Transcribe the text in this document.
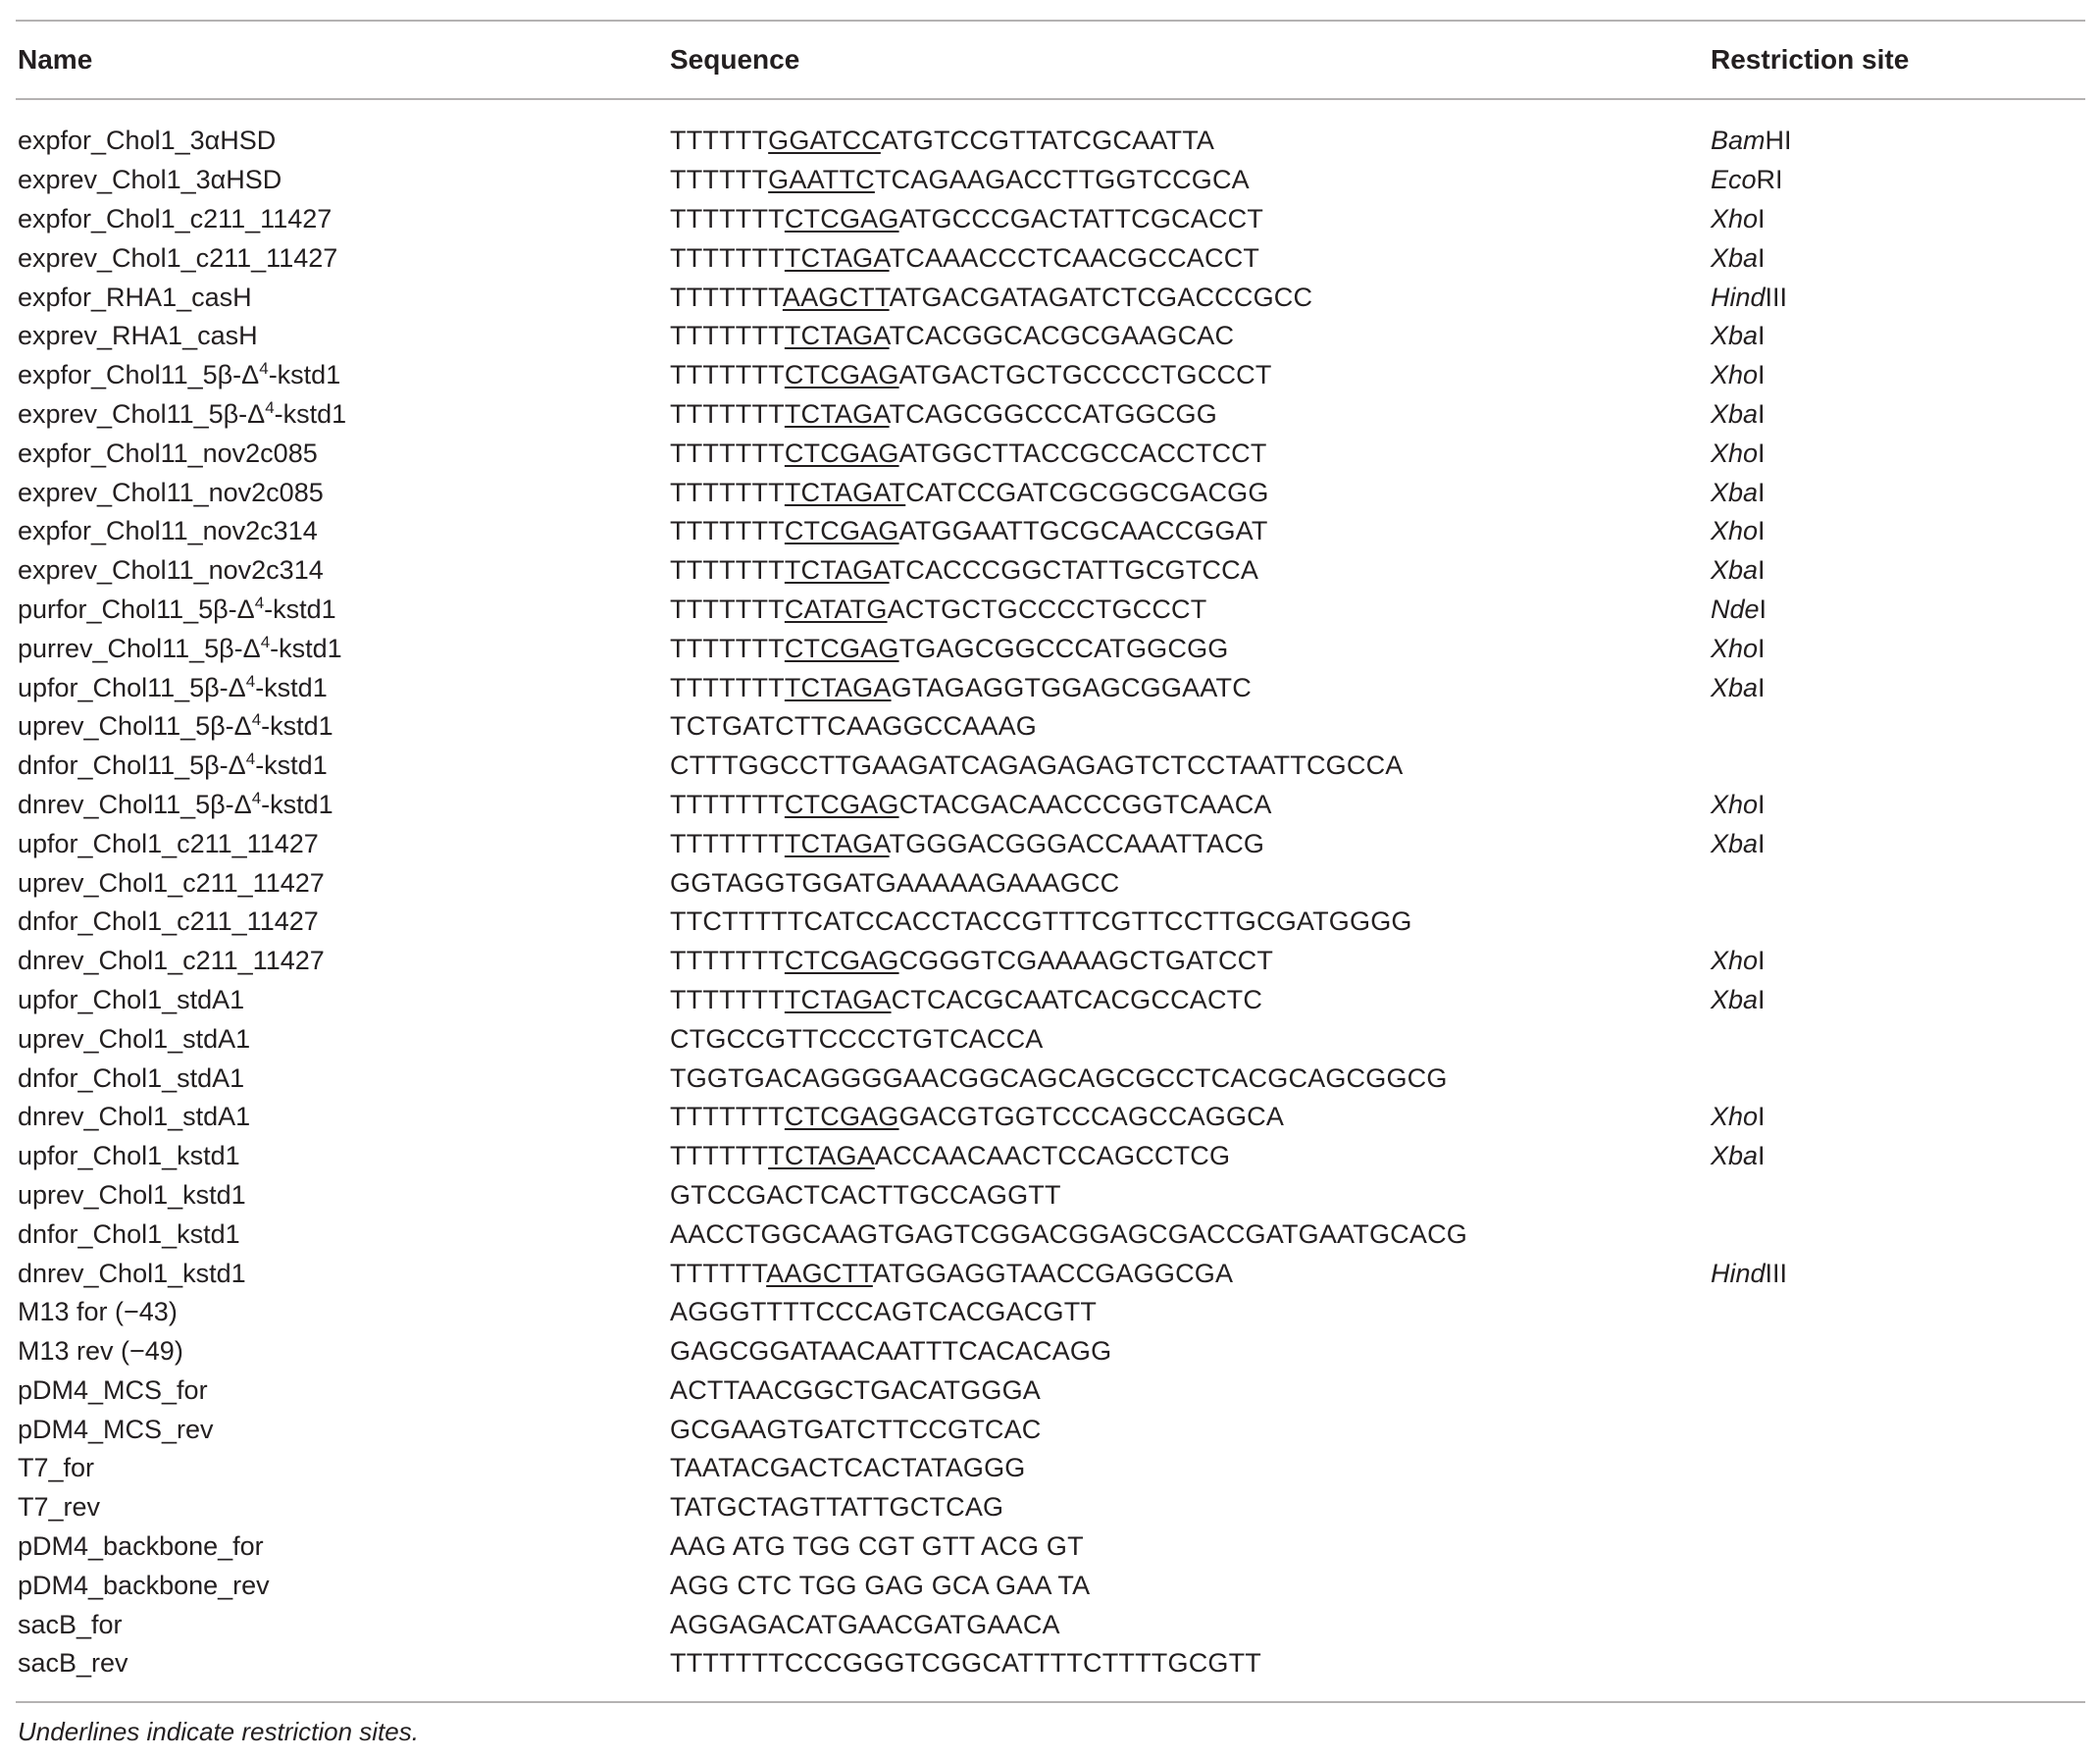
Name	Sequence	Restriction site
expfor_Chol1_3αHSD	TTTTTTGGATCCATGTCCGTTATCGCAATTA	BamHI
exprev_Chol1_3αHSD	TTTTTTGAATTCTCAGAAGACCTTGGTCCGCA	EcoRI
expfor_Chol1_c211_11427	TTTTTTTCTCGAGATGCCCGACTATTCGCACCT	XhoI
exprev_Chol1_c211_11427	TTTTTTTTCTAGATCAAACCCTCAACGCCACCT	XbaI
expfor_RHA1_casH	TTTTTTTAAGCTTATGACGATAGATCTCGACCCGCC	HindIII
exprev_RHA1_casH	TTTTTTTTCTAGATCACGGCACGCGAAGCAC	XbaI
$expfor\_Chol11\_5\beta-\Delta^4-kstd1$	TTTTTTTCTCGAGATGACTGCTGCCCCTGCCCT	XhoI
$exprev\_Chol11\_5\beta-\Delta^4-kstd1$	TTTTTTTTCTAGATCAGCGGCCCATGGCGG	XbaI
expfor_Chol11_nov2c085	TTTTTTTCTCGAGATGGCTTACCGCCACCTCCT	XhoI
exprev_Chol11_nov2c085	TTTTTTTTCTAGATCATCCGATCGCGGCGACGG	XbaI
expfor_Chol11_nov2c314	TTTTTTTCTCGAGATGGAATTGCGCAACCGGAT	XhoI
exprev_Chol11_nov2c314	TTTTTTTTCTAGATCACCCGGCTATTGCGTCCA	XbaI
$purfor\_Chol11\_5\beta-\Delta^4-kstd1$	TTTTTTTCATATGACTGCTGCCCCTGCCCT	NdeI
$purrev\_Chol11\_5\beta-\Delta^4-kstd1$	TTTTTTTCTCGAGTGAGCGGCCCATGGCGG	XhoI
$upfor\_Chol11\_5\beta-\Delta^4-kstd1$	TTTTTTTTCTAGAGTAGAGGTGGAGCGGAATC	XbaI
$uprev\_Chol11\_5\beta-\Delta^4-kstd1$	TCTGATCTTCAAGGCCAAAG
$dnfor\_Chol11\_5\beta-\Delta^4-kstd1$	CTTTGGCCTTGAAGATCAGAGAGAGTCTCCTAATTCGCCA
$dnrev\_Chol11\_5\beta-\Delta^4-kstd1$	TTTTTTTCTCGAGCTACGACAACCCGGTCAACA	XhoI
upfor_Chol1_c211_11427	TTTTTTTTCTAGATGGGACGGGACCAAATTACG	XbaI
uprev_Chol1_c211_11427	GGTAGGTGGATGAAAAAGAAAGCC
dnfor_Chol1_c211_11427	TTCTTTTTCATCCACCTACCGTTTCGTTCCTTGCGATGGGG
dnrev_Chol1_c211_11427	TTTTTTTCTCGAGCGGGTCGAAAAGCTGATCCT	XhoI
upfor_Chol1_stdA1	TTTTTTTTCTAGACTCACGCAATCACGCCACTC	XbaI
uprev_Chol1_stdA1	CTGCCGTTCCCCTGTCACCA
dnfor_Chol1_stdA1	TGGTGACAGGGGAACGGCAGCAGCGCCTCACGCAGCGGCG
dnrev_Chol1_stdA1	TTTTTTTCTCGAGGACGTGGTCCCAGCCAGGCA	XhoI
upfor_Chol1_kstd1	TTTTTTTCTAGAACCAACAACTCCAGCCTCG	XbaI
uprev_Chol1_kstd1	GTCCGACTCACTTGCCAGGTT
dnfor_Chol1_kstd1	AACCTGGCAAGTGAGTCGGACGGAGCGACCGATGAATGCACG
dnrev_Chol1_kstd1	TTTTTTAAGCTTATGGAGGTAACCGAGGCGA	HindIII
M13 for (−43)	AGGGTTTTCCCAGTCACGACGTT
M13 rev (−49)	GAGCGGATAACAATTTCACACAGG
pDM4_MCS_for	ACTTAACGGCTGACATGGGA
pDM4_MCS_rev	GCGAAGTGATCTTCCGTCAC
T7_for	TAATACGACTCACTATAGGG
T7_rev	TATGCTAGTTATTGCTCAG
pDM4_backbone_for	AAG ATG TGG CGT GTT ACG GT
pDM4_backbone_rev	AGG CTC TGG GAG GCA GAA TA
sacB_for	AGGAGACATGAACGATGAACA
sacB_rev	TTTTTTTCCCGGGTCGGCATTTTCTTTTGCGTT
Underlines indicate restriction sites.
